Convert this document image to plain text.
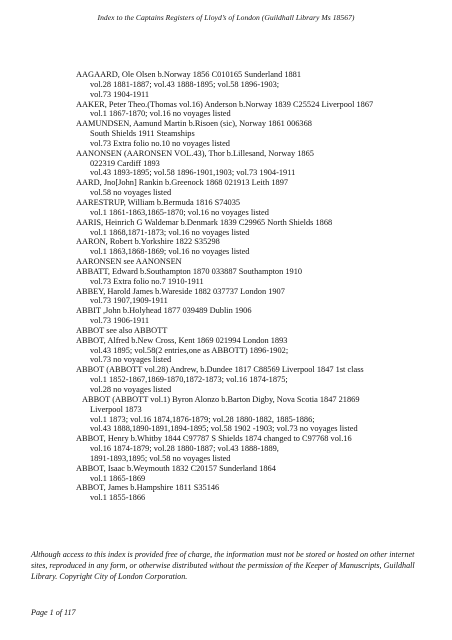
Index to the Captains Registers of Lloyd’s of London (Guildhall Library Ms 18567)
AAGAARD, Ole Olsen b.Norway 1856 C010165 Sunderland 1881
vol.28 1881-1887; vol.43 1888-1895; vol.58 1896-1903;
vol.73 1904-1911
AAKER, Peter Theo.(Thomas vol.16) Anderson b.Norway 1839 C25524 Liverpool 1867
vol.1 1867-1870; vol.16 no voyages listed
AAMUNDSEN, Aamund Martin b.Risoen (sic), Norway 1861 006368
South Shields 1911 Steamships
vol.73 Extra folio no.10 no voyages listed
AANONSEN (AARONSEN VOL.43), Thor b.Lillesand, Norway 1865
022319 Cardiff 1893
vol.43 1893-1895; vol.58 1896-1901,1903; vol.73 1904-1911
AARD, Jno[John] Rankin b.Greenock 1868 021913 Leith 1897
vol.58 no voyages listed
AARESTRUP, William b.Bermuda 1816 S74035
vol.1 1861-1863,1865-1870; vol.16 no voyages listed
AARIS, Heinrich G Waldemar b.Denmark 1839 C29965 North Shields 1868
vol.1 1868,1871-1873; vol.16 no voyages listed
AARON, Robert b.Yorkshire 1822 S35298
vol.1 1863,1868-1869; vol.16 no voyages listed
AARONSEN see AANONSEN
ABBATT, Edward b.Southampton 1870 033887 Southampton 1910
vol.73 Extra folio no.7 1910-1911
ABBEY, Harold James b.Wareside 1882 037737 London 1907
vol.73 1907,1909-1911
ABBIT ,John b.Holyhead 1877 039489 Dublin 1906
vol.73 1906-1911
ABBOT see also ABBOTT
ABBOT, Alfred b.New Cross, Kent 1869 021994 London 1893
vol.43 1895; vol.58(2 entries,one as ABBOTT) 1896-1902;
vol.73 no voyages listed
ABBOT (ABBOTT vol.28) Andrew, b.Dundee 1817 C88569 Liverpool 1847 1st class
vol.1 1852-1867,1869-1870,1872-1873; vol.16 1874-1875;
vol.28 no voyages listed
ABBOT (ABBOTT vol.1) Byron Alonzo b.Barton Digby, Nova Scotia 1847 21869
Liverpool 1873
vol.1 1873; vol.16 1874,1876-1879; vol.28 1880-1882, 1885-1886;
vol.43 1888,1890-1891,1894-1895; vol.58 1902 -1903; vol.73 no voyages listed
ABBOT, Henry b.Whitby 1844 C97787 S Shields 1874 changed to C97768 vol.16
vol.16 1874-1879; vol.28 1880-1887; vol.43 1888-1889,
1891-1893,1895; vol.58 no voyages listed
ABBOT, Isaac b.Weymouth 1832 C20157 Sunderland 1864
vol.1 1865-1869
ABBOT, James b.Hampshire 1811 S35146
vol.1 1855-1866
Although access to this index is provided free of charge, the information must not be stored or hosted on other internet sites, reproduced in any form, or otherwise distributed without the permission of the Keeper of Manuscripts, Guildhall Library. Copyright City of London Corporation.
Page 1 of 117
